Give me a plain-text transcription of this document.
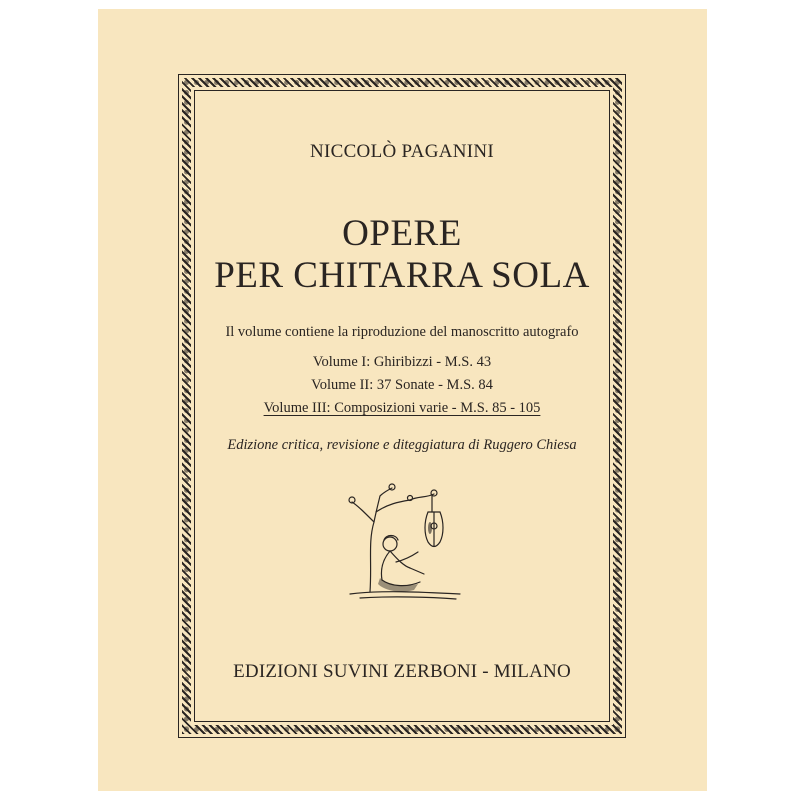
NICCOLÒ PAGANINI
OPERE
PER CHITARRA SOLA
Il volume contiene la riproduzione del manoscritto autografo
Volume I: Ghiribizzi - M.S. 43
Volume II: 37 Sonate - M.S. 84
Volume III: Composizioni varie - M.S. 85 - 105
Edizione critica, revisione e diteggiatura di Ruggero Chiesa
EDIZIONI SUVINI ZERBONI - MILANO
